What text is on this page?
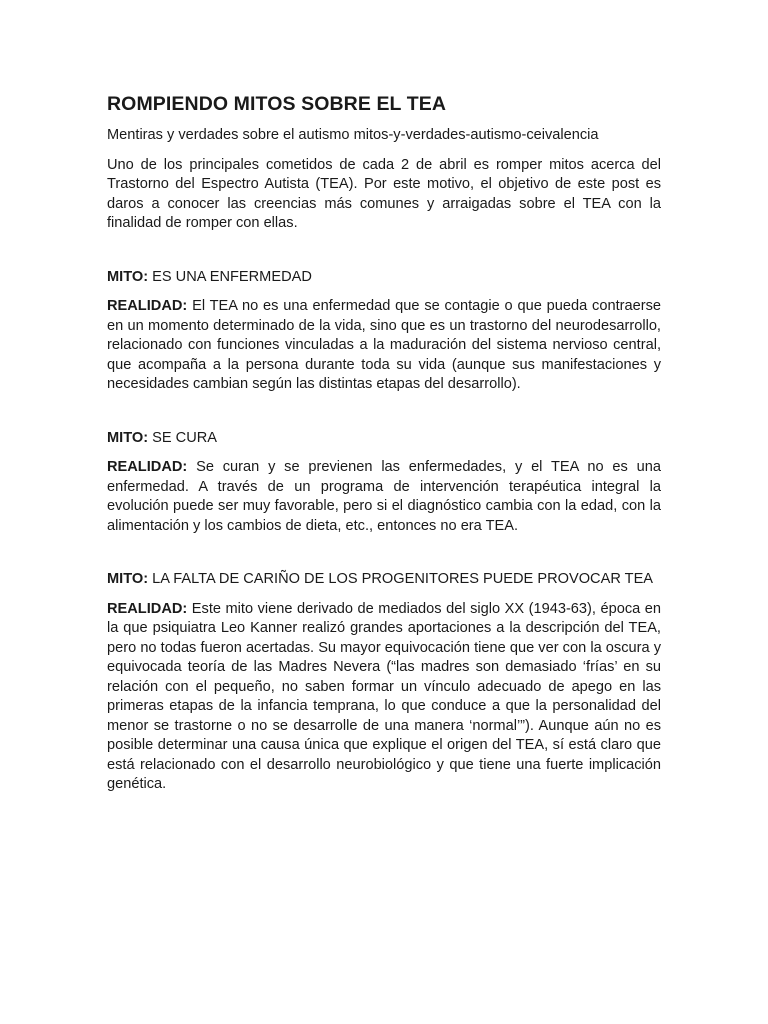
ROMPIENDO MITOS SOBRE EL TEA

Mentiras y verdades sobre el autismo mitos-y-verdades-autismo-ceivalencia

Uno de los principales cometidos de cada 2 de abril es romper mitos acerca del Trastorno del Espectro Autista (TEA). Por este motivo, el objetivo de este post es daros a conocer las creencias más comunes y arraigadas sobre el TEA con la finalidad de romper con ellas.

MITO: ES UNA ENFERMEDAD

REALIDAD: El TEA no es una enfermedad que se contagie o que pueda contraerse en un momento determinado de la vida, sino que es un trastorno del neurodesarrollo, relacionado con funciones vinculadas a la maduración del sistema nervioso central, que acompaña a la persona durante toda su vida (aunque sus manifestaciones y necesidades cambian según las distintas etapas del desarrollo).

MITO: SE CURA

REALIDAD: Se curan y se previenen las enfermedades, y el TEA no es una enfermedad. A través de un programa de intervención terapéutica integral la evolución puede ser muy favorable, pero si el diagnóstico cambia con la edad, con la alimentación y los cambios de dieta, etc., entonces no era TEA.

MITO: LA FALTA DE CARIÑO DE LOS PROGENITORES PUEDE PROVOCAR TEA

REALIDAD: Este mito viene derivado de mediados del siglo XX (1943-63), época en la que psiquiatra Leo Kanner realizó grandes aportaciones a la descripción del TEA, pero no todas fueron acertadas. Su mayor equivocación tiene que ver con la oscura y equivocada teoría de las Madres Nevera (“las madres son demasiado ‘frías’ en su relación con el pequeño, no saben formar un vínculo adecuado de apego en las primeras etapas de la infancia temprana, lo que conduce a que la personalidad del menor se trastorne o no se desarrolle de una manera ‘normal’”). Aunque aún no es posible determinar una causa única que explique el origen del TEA, sí está claro que está relacionado con el desarrollo neurobiológico y que tiene una fuerte implicación genética.
